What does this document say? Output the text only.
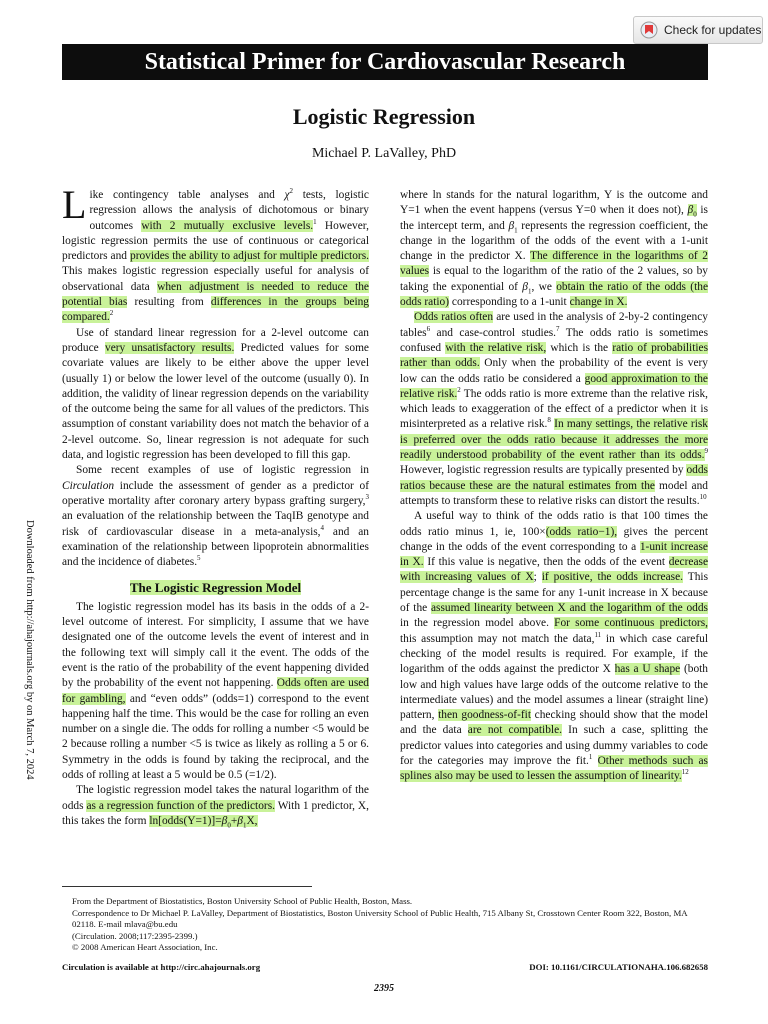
Check for updates
Statistical Primer for Cardiovascular Research
Logistic Regression
Michael P. LaValley, PhD
Downloaded from http://ahajournals.org by on March 7, 2024

Like contingency table analyses and $\chi^2$ tests, logistic regression allows the analysis of dichotomous or binary outcomes with 2 mutually exclusive levels.$^1$ However, logistic regression permits the use of continuous or categorical predictors and provides the ability to adjust for multiple predictors. This makes logistic regression especially useful for analysis of observational data when adjustment is needed to reduce the potential bias resulting from differences in the groups being compared.$^2$

Use of standard linear regression for a 2-level outcome can produce very unsatisfactory results. Predicted values for some covariate values are likely to be either above the upper level (usually 1) or below the lower level of the outcome (usually 0). In addition, the validity of linear regression depends on the variability of the outcome being the same for all values of the predictors. This assumption of constant variability does not match the behavior of a 2-level outcome. So, linear regression is not adequate for such data, and logistic regression has been developed to fill this gap.

Some recent examples of use of logistic regression in Circulation include the assessment of gender as a predictor of operative mortality after coronary artery bypass grafting surgery,$^3$ an evaluation of the relationship between the TaqIB genotype and risk of cardiovascular disease in a meta-analysis,$^4$ and an examination of the relationship between lipoprotein abnormalities and the incidence of diabetes.$^5$

The Logistic Regression Model

The logistic regression model has its basis in the odds of a 2-level outcome of interest. For simplicity, I assume that we have designated one of the outcome levels the event of interest and in the following text will simply call it the event. The odds of the event is the ratio of the probability of the event happening divided by the probability of the event not happening. Odds often are used for gambling, and “even odds” (odds=1) correspond to the event happening half the time. This would be the case for rolling an even number on a single die. The odds for rolling a number <5 would be 2 because rolling a number <5 is twice as likely as rolling a 5 or 6. Symmetry in the odds is found by taking the reciprocal, and the odds of rolling at least a 5 would be 0.5 (=1/2).

The logistic regression model takes the natural logarithm of the odds as a regression function of the predictors. With 1 predictor, X, this takes the form $\ln[odds(Y=1)]=\beta_0+\beta_1X$,

where ln stands for the natural logarithm, Y is the outcome and Y=1 when the event happens (versus Y=0 when it does not), $\beta_0$ is the intercept term, and $\beta_1$ represents the regression coefficient, the change in the logarithm of the odds of the event with a 1-unit change in the predictor X. The difference in the logarithms of 2 values is equal to the logarithm of the ratio of the 2 values, so by taking the exponential of $\beta_1$, we obtain the ratio of the odds (the odds ratio) corresponding to a 1-unit change in X.

Odds ratios often are used in the analysis of 2-by-2 contingency tables$^6$ and case-control studies.$^7$ The odds ratio is sometimes confused with the relative risk, which is the ratio of probabilities rather than odds. Only when the probability of the event is very low can the odds ratio be considered a good approximation to the relative risk.$^2$ The odds ratio is more extreme than the relative risk, which leads to exaggeration of the effect of a predictor when it is misinterpreted as a relative risk.$^8$ In many settings, the relative risk is preferred over the odds ratio because it addresses the more readily understood probability of the event rather than its odds.$^9$ However, logistic regression results are typically presented by odds ratios because these are the natural estimates from the model and attempts to transform these to relative risks can distort the results.$^{10}$

A useful way to think of the odds ratio is that 100 times the odds ratio minus 1, ie, 100×(odds ratio−1), gives the percent change in the odds of the event corresponding to a 1-unit increase in X. If this value is negative, then the odds of the event decrease with increasing values of X; if positive, the odds increase. This percentage change is the same for any 1-unit increase in X because of the assumed linearity between X and the logarithm of the odds in the regression model above. For some continuous predictors, this assumption may not match the data,$^{11}$ in which case careful checking of the model results is required. For example, if the logarithm of the odds against the predictor X has a U shape (both low and high values have large odds of the outcome relative to the intermediate values) and the model assumes a linear (straight line) pattern, then goodness-of-fit checking should show that the model and the data are not compatible. In such a case, splitting the predictor values into categories and using dummy variables to code for the categories may improve the fit.$^1$ Other methods such as splines also may be used to lessen the assumption of linearity.$^{12}$

From the Department of Biostatistics, Boston University School of Public Health, Boston, Mass.
Correspondence to Dr Michael P. LaValley, Department of Biostatistics, Boston University School of Public Health, 715 Albany St, Crosstown Center Room 322, Boston, MA 02118. E-mail mlava@bu.edu
(Circulation. 2008;117:2395-2399.)
© 2008 American Heart Association, Inc.
Circulation is available at http://circ.ahajournals.org	DOI: 10.1161/CIRCULATIONAHA.106.682658
2395
